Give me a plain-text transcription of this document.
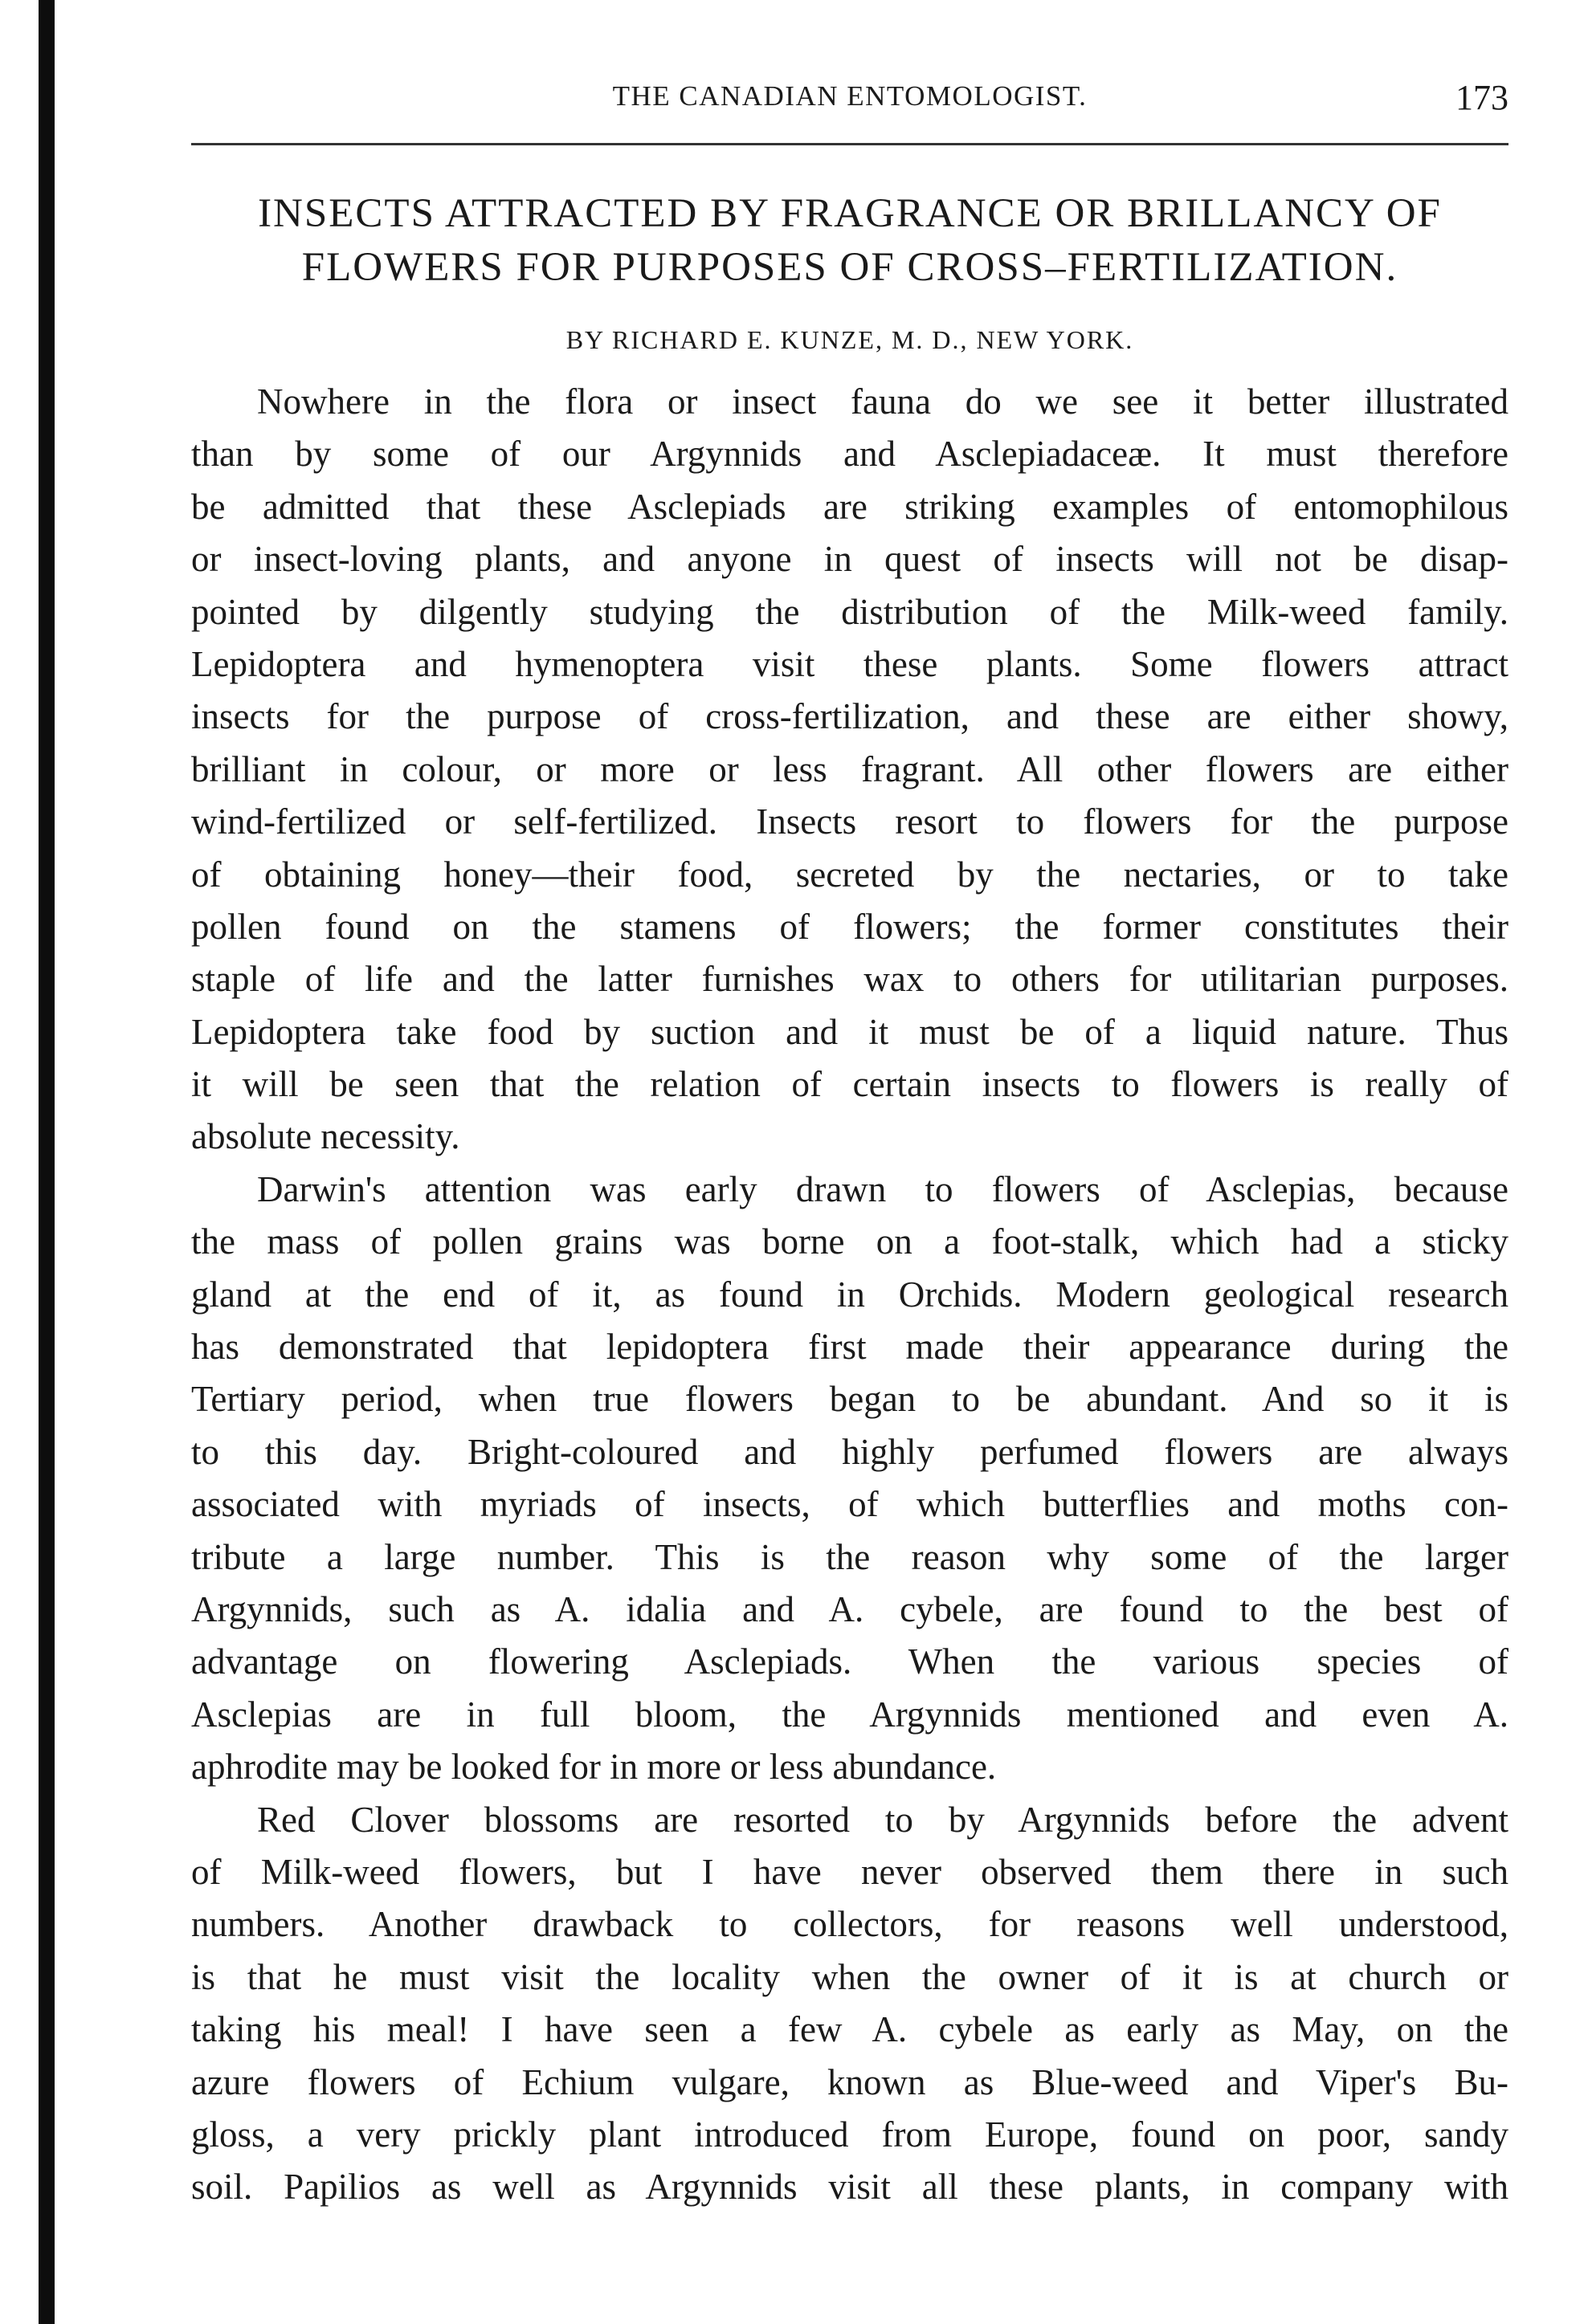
THE CANADIAN ENTOMOLOGIST.	173
INSECTS ATTRACTED BY FRAGRANCE OR BRILLANCY OF
FLOWERS FOR PURPOSES OF CROSS–FERTILIZATION.
BY RICHARD E. KUNZE, M. D., NEW YORK.
Nowhere in the flora or insect fauna do we see it better illustrated
than by some of our Argynnids and Asclepiadaceæ. It must therefore
be admitted that these Asclepiads are striking examples of entomophilous
or insect-loving plants, and anyone in quest of insects will not be disap-
pointed by dilgently studying the distribution of the Milk-weed family.
Lepidoptera and hymenoptera visit these plants. Some flowers attract
insects for the purpose of cross-fertilization, and these are either showy,
brilliant in colour, or more or less fragrant. All other flowers are either
wind-fertilized or self-fertilized. Insects resort to flowers for the purpose
of obtaining honey—their food, secreted by the nectaries, or to take
pollen found on the stamens of flowers; the former constitutes their
staple of life and the latter furnishes wax to others for utilitarian purposes.
Lepidoptera take food by suction and it must be of a liquid nature. Thus
it will be seen that the relation of certain insects to flowers is really of
absolute necessity.
Darwin's attention was early drawn to flowers of Asclepias, because
the mass of pollen grains was borne on a foot-stalk, which had a sticky
gland at the end of it, as found in Orchids. Modern geological research
has demonstrated that lepidoptera first made their appearance during the
Tertiary period, when true flowers began to be abundant. And so it is
to this day. Bright-coloured and highly perfumed flowers are always
associated with myriads of insects, of which butterflies and moths con-
tribute a large number. This is the reason why some of the larger
Argynnids, such as A. idalia and A. cybele, are found to the best of
advantage on flowering Asclepiads. When the various species of
Asclepias are in full bloom, the Argynnids mentioned and even A.
aphrodite may be looked for in more or less abundance.
Red Clover blossoms are resorted to by Argynnids before the advent
of Milk-weed flowers, but I have never observed them there in such
numbers. Another drawback to collectors, for reasons well understood,
is that he must visit the locality when the owner of it is at church or
taking his meal! I have seen a few A. cybele as early as May, on the
azure flowers of Echium vulgare, known as Blue-weed and Viper's Bu-
gloss, a very prickly plant introduced from Europe, found on poor, sandy
soil. Papilios as well as Argynnids visit all these plants, in company with
